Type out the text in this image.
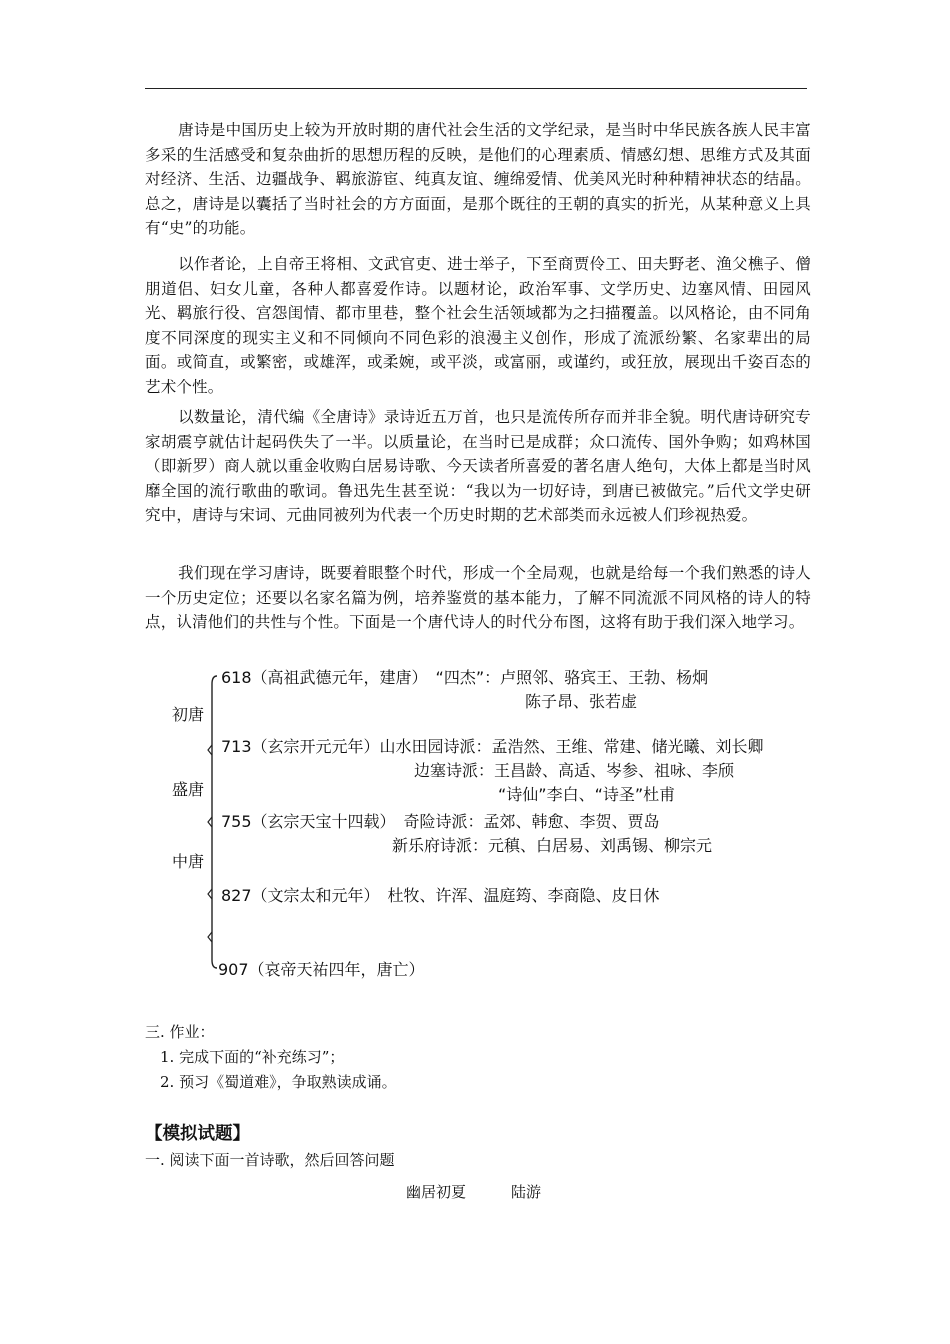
唐诗是中国历史上较为开放时期的唐代社会生活的文学纪录，是当时中华民族各族人民丰富多采的生活感受和复杂曲折的思想历程的反映，是他们的心理素质、情感幻想、思维方式及其面对经济、生活、边疆战争、羁旅游宦、纯真友谊、缠绵爱情、优美风光时种种精神状态的结晶。总之，唐诗是以囊括了当时社会的方方面面，是那个既往的王朝的真实的折光，从某种意义上具有“史”的功能。

以作者论，上自帝王将相、文武官吏、进士举子，下至商贾伶工、田夫野老、渔父樵子、僧朋道侣、妇女儿童，各种人都喜爱作诗。以题材论，政治军事、文学历史、边塞风情、田园风光、羁旅行役、宫怨闺情、都市里巷，整个社会生活领域都为之扫描覆盖。以风格论，由不同角度不同深度的现实主义和不同倾向不同色彩的浪漫主义创作，形成了流派纷繁、名家辈出的局面。或简直，或繁密，或雄浑，或柔婉，或平淡，或富丽，或谨约，或狂放，展现出千姿百态的艺术个性。

以数量论，清代编《全唐诗》录诗近五万首，也只是流传所存而并非全貌。明代唐诗研究专家胡震亨就估计起码佚失了一半。以质量论，在当时已是成群；众口流传、国外争购；如鸡林国（即新罗）商人就以重金收购白居易诗歌、今天读者所喜爱的著名唐人绝句，大体上都是当时风靡全国的流行歌曲的歌词。鲁迅先生甚至说：“我以为一切好诗，到唐已被做完。”后代文学史研究中，唐诗与宋词、元曲同被列为代表一个历史时期的艺术部类而永远被人们珍视热爱。

我们现在学习唐诗，既要着眼整个时代，形成一个全局观，也就是给每一个我们熟悉的诗人一个历史定位；还要以名家名篇为例，培养鉴赏的基本能力，了解不同流派不同风格的诗人的特点，认清他们的共性与个性。下面是一个唐代诗人的时代分布图，这将有助于我们深入地学习。

初唐
盛唐
中唐
618（高祖武德元年，建唐）　“四杰”：卢照邻、骆宾王、王勃、杨炯
陈子昂、张若虚
713（玄宗开元元年）山水田园诗派：孟浩然、王维、常建、储光曦、刘长卿
边塞诗派：王昌龄、高适、岑参、祖咏、李颀
“诗仙”李白、“诗圣”杜甫
755（玄宗天宝十四载）　奇险诗派：孟郊、韩愈、李贺、贾岛
新乐府诗派：元稹、白居易、刘禹锡、柳宗元
827（文宗太和元年）　杜牧、许浑、温庭筠、李商隐、皮日休
907（哀帝天祐四年，唐亡）
三. 作业：
1. 完成下面的“补充练习”；
2. 预习《蜀道难》，争取熟读成诵。
【模拟试题】
一. 阅读下面一首诗歌，然后回答问题
幽居初夏	陆游
